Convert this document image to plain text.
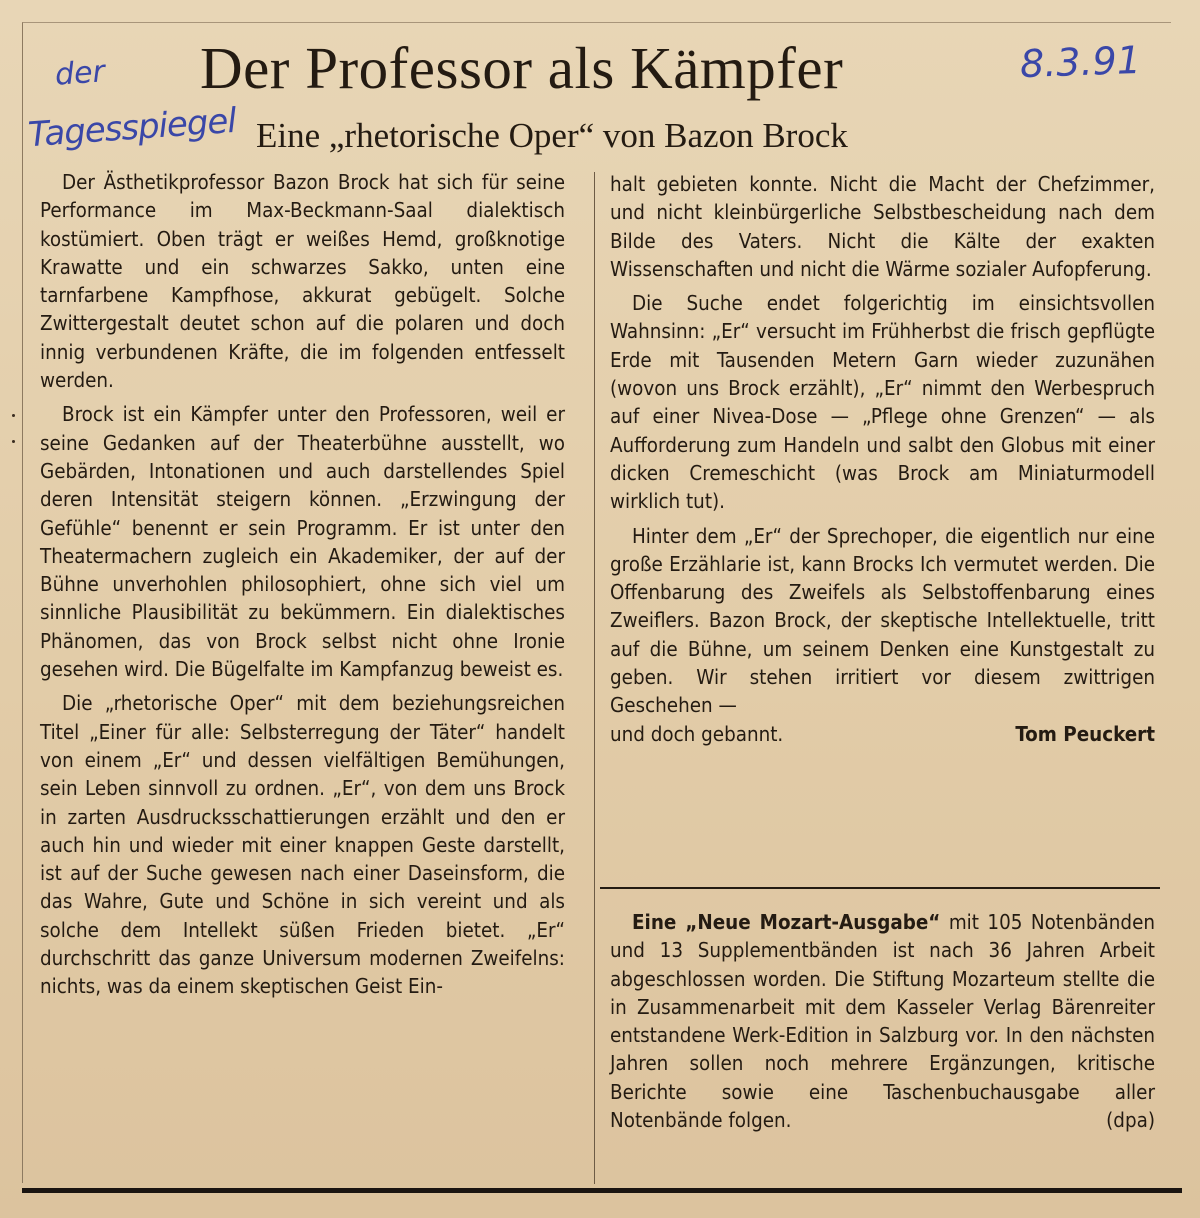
der
Tagesspiegel
8.3.91
Der Professor als Kämpfer
Eine „rhetorische Oper“ von Bazon Brock

Der Ästhetikprofessor Bazon Brock hat sich für seine Performance im Max-Beckmann-Saal dialektisch kostümiert. Oben trägt er weißes Hemd, großknotige Krawatte und ein schwarzes Sakko, unten eine tarnfarbene Kampfhose, akkurat gebügelt. Solche Zwittergestalt deutet schon auf die polaren und doch innig verbundenen Kräfte, die im folgenden entfesselt werden.

Brock ist ein Kämpfer unter den Professoren, weil er seine Gedanken auf der Theaterbühne ausstellt, wo Gebärden, Intonationen und auch darstellendes Spiel deren Intensität steigern können. „Erzwingung der Gefühle“ benennt er sein Programm. Er ist unter den Theatermachern zugleich ein Akademiker, der auf der Bühne unverhohlen philosophiert, ohne sich viel um sinnliche Plausibilität zu bekümmern. Ein dialektisches Phänomen, das von Brock selbst nicht ohne Ironie gesehen wird. Die Bügelfalte im Kampfanzug beweist es.

Die „rhetorische Oper“ mit dem beziehungsreichen Titel „Einer für alle: Selbsterregung der Täter“ handelt von einem „Er“ und dessen vielfältigen Bemühungen, sein Leben sinnvoll zu ordnen. „Er“, von dem uns Brock in zarten Ausdrucksschattierungen erzählt und den er auch hin und wieder mit einer knappen Geste darstellt, ist auf der Suche gewesen nach einer Daseinsform, die das Wahre, Gute und Schöne in sich vereint und als solche dem Intellekt süßen Frieden bietet. „Er“ durchschritt das ganze Universum modernen Zweifelns: nichts, was da einem skeptischen Geist Ein-

halt gebieten konnte. Nicht die Macht der Chefzimmer, und nicht kleinbürgerliche Selbstbescheidung nach dem Bilde des Vaters. Nicht die Kälte der exakten Wissenschaften und nicht die Wärme sozialer Aufopferung.

Die Suche endet folgerichtig im einsichtsvollen Wahnsinn: „Er“ versucht im Frühherbst die frisch gepflügte Erde mit Tausenden Metern Garn wieder zuzunähen (wovon uns Brock erzählt), „Er“ nimmt den Werbespruch auf einer Nivea-Dose — „Pflege ohne Grenzen“ — als Aufforderung zum Handeln und salbt den Globus mit einer dicken Cremeschicht (was Brock am Miniaturmodell wirklich tut).

Hinter dem „Er“ der Sprechoper, die eigentlich nur eine große Erzählarie ist, kann Brocks Ich vermutet werden. Die Offenbarung des Zweifels als Selbstoffenbarung eines Zweiflers. Bazon Brock, der skeptische Intellektuelle, tritt auf die Bühne, um seinem Denken eine Kunstgestalt zu geben. Wir stehen irritiert vor diesem zwittrigen Geschehen —

und doch gebannt.	Tom Peuckert

Eine „Neue Mozart-Ausgabe“ mit 105 Notenbänden und 13 Supplementbänden ist nach 36 Jahren Arbeit abgeschlossen worden. Die Stiftung Mozarteum stellte die in Zusammenarbeit mit dem Kasseler Verlag Bärenreiter entstandene Werk-Edition in Salzburg vor. In den nächsten Jahren sollen noch mehrere Ergänzungen, kritische Berichte sowie eine Taschenbuchausgabe aller Notenbände folgen.	(dpa)
